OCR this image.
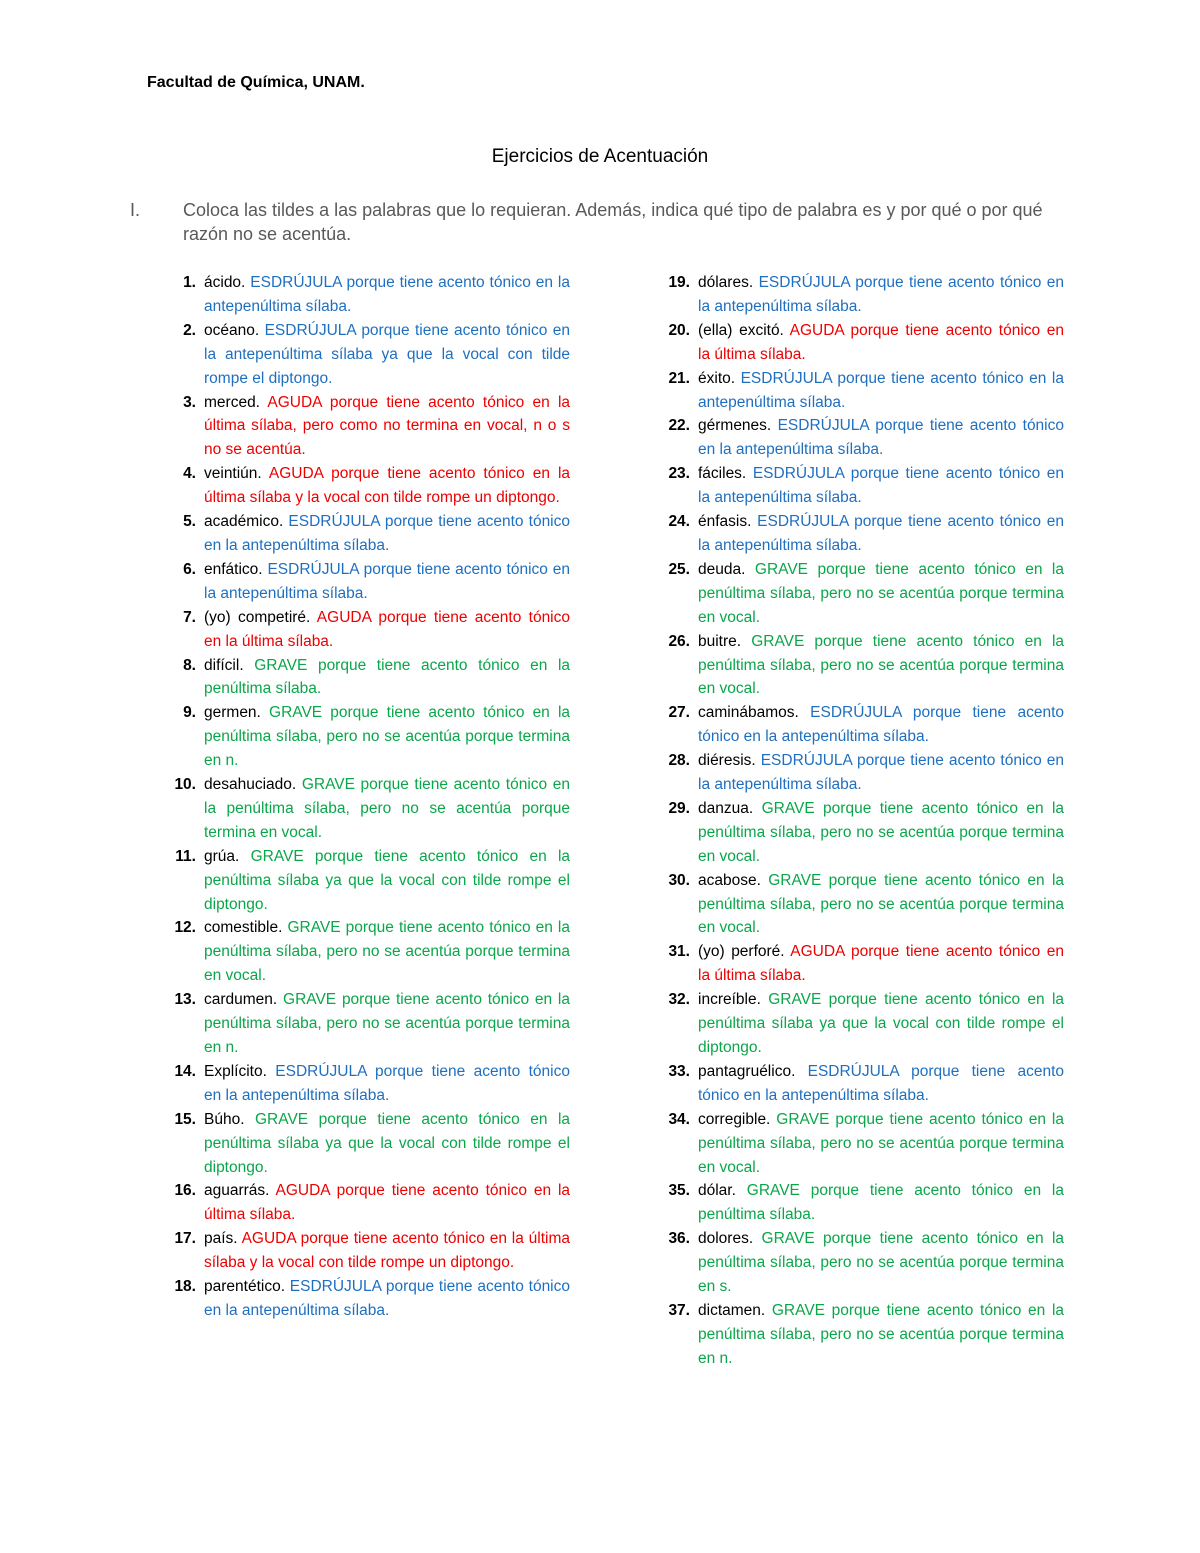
Facultad de Química, UNAM.
Ejercicios de Acentuación
I. Coloca las tildes a las palabras que lo requieran. Además, indica qué tipo de palabra es y por qué o por qué razón no se acentúa.

1. ácido. ESDRÚJULA porque tiene acento tónico en la antepenúltima sílaba.

2. océano. ESDRÚJULA porque tiene acento tónico en la antepenúltima sílaba ya que la vocal con tilde rompe el diptongo.

3. merced. AGUDA porque tiene acento tónico en la última sílaba, pero como no termina en vocal, n o s no se acentúa.

4. veintiún. AGUDA porque tiene acento tónico en la última sílaba y la vocal con tilde rompe un diptongo.

5. académico. ESDRÚJULA porque tiene acento tónico en la antepenúltima sílaba.

6. enfático. ESDRÚJULA porque tiene acento tónico en la antepenúltima sílaba.

7. (yo) competiré. AGUDA porque tiene acento tónico en la última sílaba.

8. difícil. GRAVE porque tiene acento tónico en la penúltima sílaba.

9. germen. GRAVE porque tiene acento tónico en la penúltima sílaba, pero no se acentúa porque termina en n.

10. desahuciado. GRAVE porque tiene acento tónico en la penúltima sílaba, pero no se acentúa porque termina en vocal.

11. grúa. GRAVE porque tiene acento tónico en la penúltima sílaba ya que la vocal con tilde rompe el diptongo.

12. comestible. GRAVE porque tiene acento tónico en la penúltima sílaba, pero no se acentúa porque termina en vocal.

13. cardumen. GRAVE porque tiene acento tónico en la penúltima sílaba, pero no se acentúa porque termina en n.

14. Explícito. ESDRÚJULA porque tiene acento tónico en la antepenúltima sílaba.

15. Búho. GRAVE porque tiene acento tónico en la penúltima sílaba ya que la vocal con tilde rompe el diptongo.

16. aguarrás. AGUDA porque tiene acento tónico en la última sílaba.

17. país. AGUDA porque tiene acento tónico en la última sílaba y la vocal con tilde rompe un diptongo.

18. parentético. ESDRÚJULA porque tiene acento tónico en la antepenúltima sílaba.

19. dólares. ESDRÚJULA porque tiene acento tónico en la antepenúltima sílaba.

20. (ella) excitó. AGUDA porque tiene acento tónico en la última sílaba.

21. éxito. ESDRÚJULA porque tiene acento tónico en la antepenúltima sílaba.

22. gérmenes. ESDRÚJULA porque tiene acento tónico en la antepenúltima sílaba.

23. fáciles. ESDRÚJULA porque tiene acento tónico en la antepenúltima sílaba.

24. énfasis. ESDRÚJULA porque tiene acento tónico en la antepenúltima sílaba.

25. deuda. GRAVE porque tiene acento tónico en la penúltima sílaba, pero no se acentúa porque termina en vocal.

26. buitre. GRAVE porque tiene acento tónico en la penúltima sílaba, pero no se acentúa porque termina en vocal.

27. caminábamos. ESDRÚJULA porque tiene acento tónico en la antepenúltima sílaba.

28. diéresis. ESDRÚJULA porque tiene acento tónico en la antepenúltima sílaba.

29. danzua. GRAVE porque tiene acento tónico en la penúltima sílaba, pero no se acentúa porque termina en vocal.

30. acabose. GRAVE porque tiene acento tónico en la penúltima sílaba, pero no se acentúa porque termina en vocal.

31. (yo) perforé. AGUDA porque tiene acento tónico en la última sílaba.

32. increíble. GRAVE porque tiene acento tónico en la penúltima sílaba ya que la vocal con tilde rompe el diptongo.

33. pantagruélico. ESDRÚJULA porque tiene acento tónico en la antepenúltima sílaba.

34. corregible. GRAVE porque tiene acento tónico en la penúltima sílaba, pero no se acentúa porque termina en vocal.

35. dólar. GRAVE porque tiene acento tónico en la penúltima sílaba.

36. dolores. GRAVE porque tiene acento tónico en la penúltima sílaba, pero no se acentúa porque termina en s.

37. dictamen. GRAVE porque tiene acento tónico en la penúltima sílaba, pero no se acentúa porque termina en n.
